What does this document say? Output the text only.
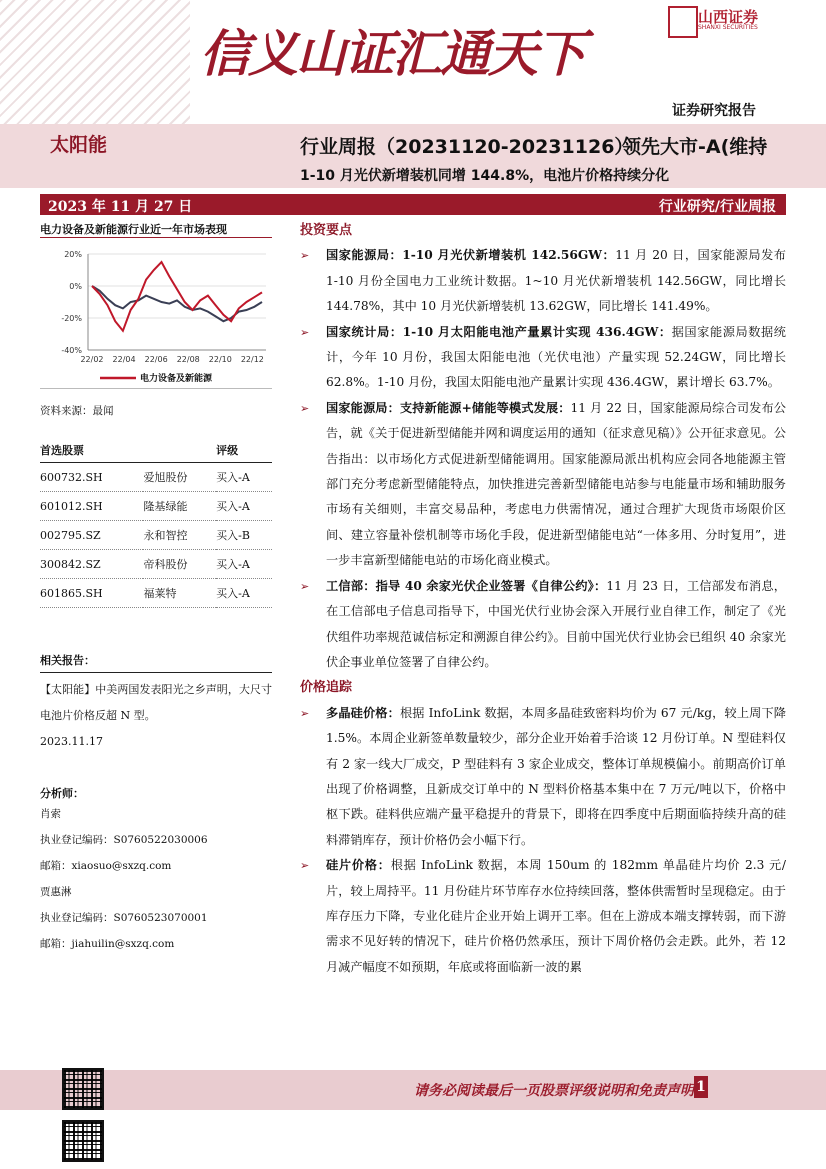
信义山证汇通天下
山西证券
SHANXI SECURITIES
证券研究报告
太阳能	行业周报（20231120-20231126）
领先大市-A(维持
1-10 月光伏新增装机同增 144.8%，电池片价格持续分化
2023 年 11 月 27 日	行业研究/行业周报
电力设备及新能源行业近一年市场表现
20%
0%
-20%
-40%
22/02 22/04 22/06 22/08 22/10 22/12
电力设备及新能源
资料来源：最闻
首选股票		评级
600732.SH	爱旭股份	买入-A
601012.SH	隆基绿能	买入-A
002795.SZ	永和智控	买入-B
300842.SZ	帝科股份	买入-A
601865.SH	福莱特	买入-A
相关报告：
【太阳能】中美两国发表阳光之乡声明，大尺寸电池片价格反超 N 型。
2023.11.17
分析师：
肖索
执业登记编码：S0760522030006
邮箱：xiaosuo@sxzq.com
贾惠淋
执业登记编码：S0760523070001
邮箱：jiahuilin@sxzq.com
投资要点
➢ 国家能源局：1-10 月光伏新增装机 142.56GW：11 月 20 日，国家能源局发布 1-10 月份全国电力工业统计数据。1~10 月光伏新增装机 142.56GW，同比增长 144.78%，其中 10 月光伏新增装机 13.62GW，同比增长 141.49%。
➢ 国家统计局：1-10 月太阳能电池产量累计实现 436.4GW：据国家能源局数据统计，今年 10 月份，我国太阳能电池（光伏电池）产量实现 52.24GW，同比增长 62.8%。1-10 月份，我国太阳能电池产量累计实现 436.4GW，累计增长 63.7%。
➢ 国家能源局：支持新能源+储能等模式发展：11 月 22 日，国家能源局综合司发布公告，就《关于促进新型储能并网和调度运用的通知（征求意见稿）》公开征求意见。公告指出：以市场化方式促进新型储能调用。国家能源局派出机构应会同各地能源主管部门充分考虑新型储能特点，加快推进完善新型储能电站参与电能量市场和辅助服务市场有关细则，丰富交易品种，考虑电力供需情况，通过合理扩大现货市场限价区间、建立容量补偿机制等市场化手段，促进新型储能电站“一体多用、分时复用”，进一步丰富新型储能电站的市场化商业模式。
➢ 工信部：指导 40 余家光伏企业签署《自律公约》：11 月 23 日，工信部发布消息，在工信部电子信息司指导下，中国光伏行业协会深入开展行业自律工作，制定了《光伏组件功率规范诚信标定和溯源自律公约》。目前中国光伏行业协会已组织 40 余家光伏企事业单位签署了自律公约。
价格追踪
➢ 多晶硅价格：根据 InfoLink 数据，本周多晶硅致密料均价为 67 元/kg，较上周下降 1.5%。本周企业新签单数量较少，部分企业开始着手洽谈 12 月份订单。N 型硅料仅有 2 家一线大厂成交，P 型硅料有 3 家企业成交，整体订单规模偏小。前期高价订单出现了价格调整，且新成交订单中的 N 型料价格基本集中在 7 万元/吨以下，价格中枢下跌。硅料供应端产量平稳提升的背景下，即将在四季度中后期面临持续升高的硅料滞销库存，预计价格仍会小幅下行。
➢ 硅片价格：根据 InfoLink 数据，本周 150um 的 182mm 单晶硅片均价 2.3 元/片，较上周持平。11 月份硅片环节库存水位持续回落，整体供需暂时呈现稳定。由于库存压力下降，专业化硅片企业开始上调开工率。但在上游成本端支撑转弱，而下游需求不见好转的情况下，硅片价格仍然承压，预计下周价格仍会走跌。此外，若 12 月减产幅度不如预期，年底或将面临新一波的累
请务必阅读最后一页股票评级说明和免责声明 1
